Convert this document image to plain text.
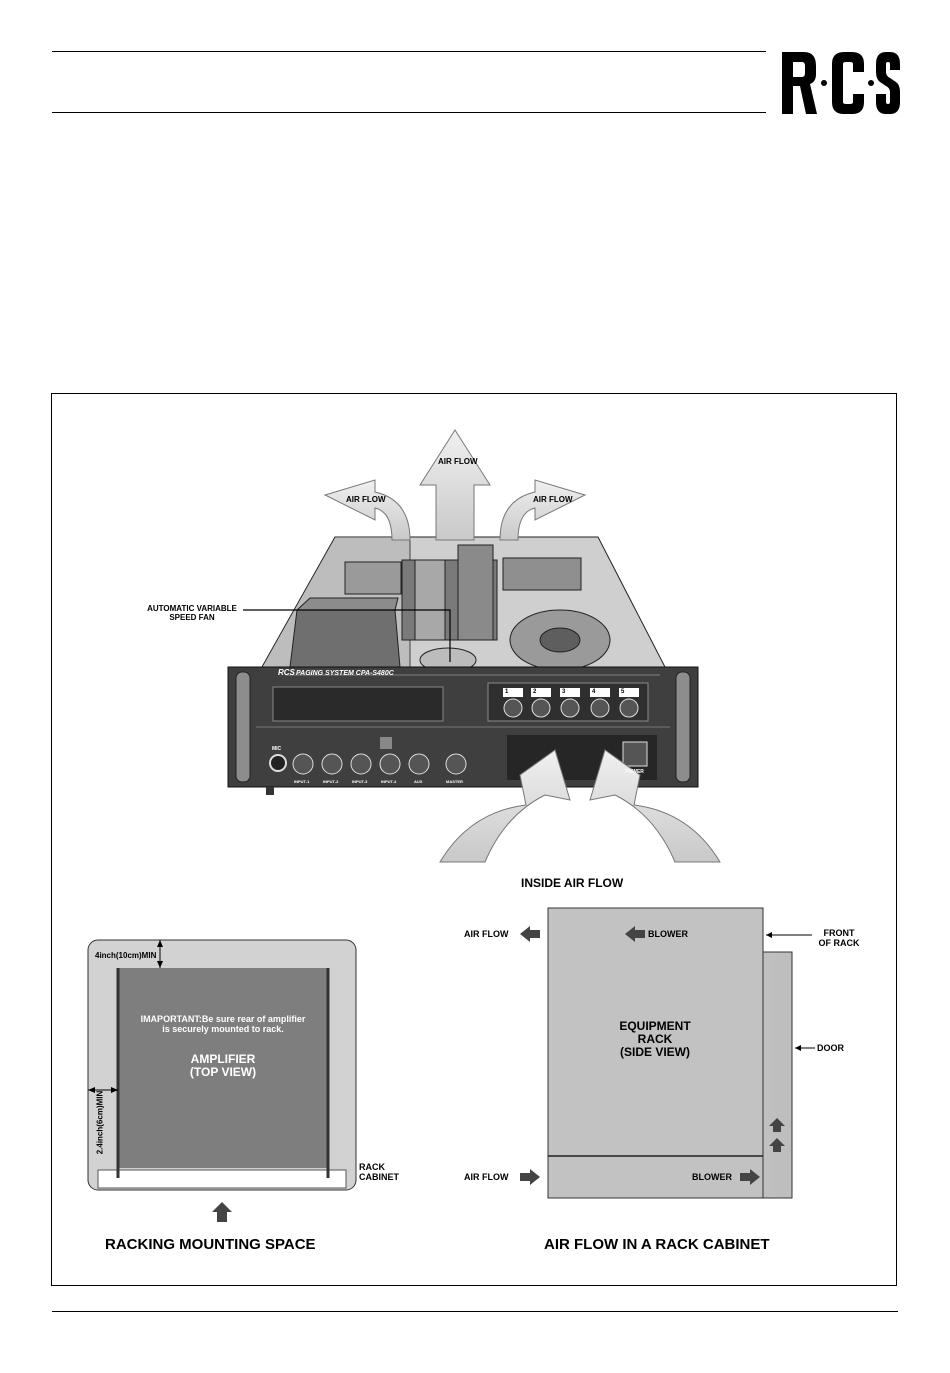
AIR FLOW
AIR FLOW	AIR FLOW
AUTOMATIC VARIABLE
SPEED FAN
RCS PAGING SYSTEM CPA-S480C
1	2	3	4	5
MIC
INPUT-1	INPUT-2	INPUT-3	INPUT-4	AUX	MASTER
POWER
INSIDE AIR FLOW
4inch(10cm)MIN
2.4inch(6cm)MIN
IMAPORTANT:Be sure rear of amplifier
is securely mounted to rack.
AMPLIFIER
(TOP VIEW)
RACK
CABINET
RACKING MOUNTING SPACE
AIR FLOW	BLOWER	FRONT
OF RACK
EQUIPMENT
RACK
(SIDE VIEW)	DOOR
AIR FLOW	BLOWER
AIR FLOW IN A RACK CABINET
